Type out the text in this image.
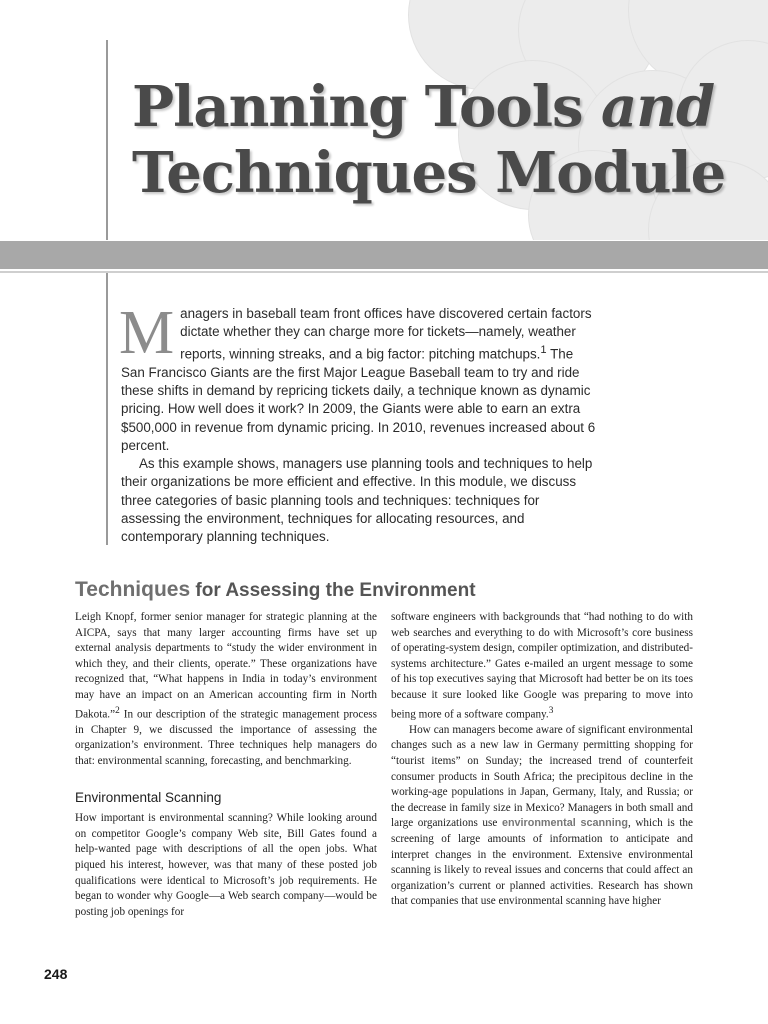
Planning Tools and
Techniques Module

Managers in baseball team front offices have discovered certain factors dictate whether they can charge more for tickets—namely, weather reports, winning streaks, and a big factor: pitching matchups.$^1$ The San Francisco Giants are the first Major League Baseball team to try and ride these shifts in demand by repricing tickets daily, a technique known as dynamic pricing. How well does it work? In 2009, the Giants were able to earn an extra $500,000 in revenue from dynamic pricing. In 2010, revenues increased about 6 percent.

As this example shows, managers use planning tools and techniques to help their organizations be more efficient and effective. In this module, we discuss three categories of basic planning tools and techniques: techniques for assessing the environment, techniques for allocating resources, and contemporary planning techniques.

Techniques for Assessing the Environment

Leigh Knopf, former senior manager for strategic planning at the AICPA, says that many larger accounting firms have set up external analysis departments to “study the wider environment in which they, and their clients, operate.” These organizations have recognized that, “What happens in India in today’s environment may have an impact on an American accounting firm in North Dakota.”$^2$ In our description of the strategic management process in Chapter 9, we discussed the importance of assessing the organization’s environment. Three techniques help managers do that: environmental scanning, forecasting, and benchmarking.

Environmental Scanning

How important is environmental scanning? While looking around on competitor Google’s company Web site, Bill Gates found a help-wanted page with descriptions of all the open jobs. What piqued his interest, however, was that many of these posted job qualifications were identical to Microsoft’s job requirements. He began to wonder why Google—a Web search company—would be posting job openings for

software engineers with backgrounds that “had nothing to do with web searches and everything to do with Microsoft’s core business of operating-system design, compiler optimization, and distributed-systems architecture.” Gates e-mailed an urgent message to some of his top executives saying that Microsoft had better be on its toes because it sure looked like Google was preparing to move into being more of a software company.$^3$

How can managers become aware of significant environmental changes such as a new law in Germany permitting shopping for “tourist items” on Sunday; the increased trend of counterfeit consumer products in South Africa; the precipitous decline in the working-age populations in Japan, Germany, Italy, and Russia; or the decrease in family size in Mexico? Managers in both small and large organizations use environmental scanning, which is the screening of large amounts of information to anticipate and interpret changes in the environment. Extensive environmental scanning is likely to reveal issues and concerns that could affect an organization’s current or planned activities. Research has shown that companies that use environmental scanning have higher

248
